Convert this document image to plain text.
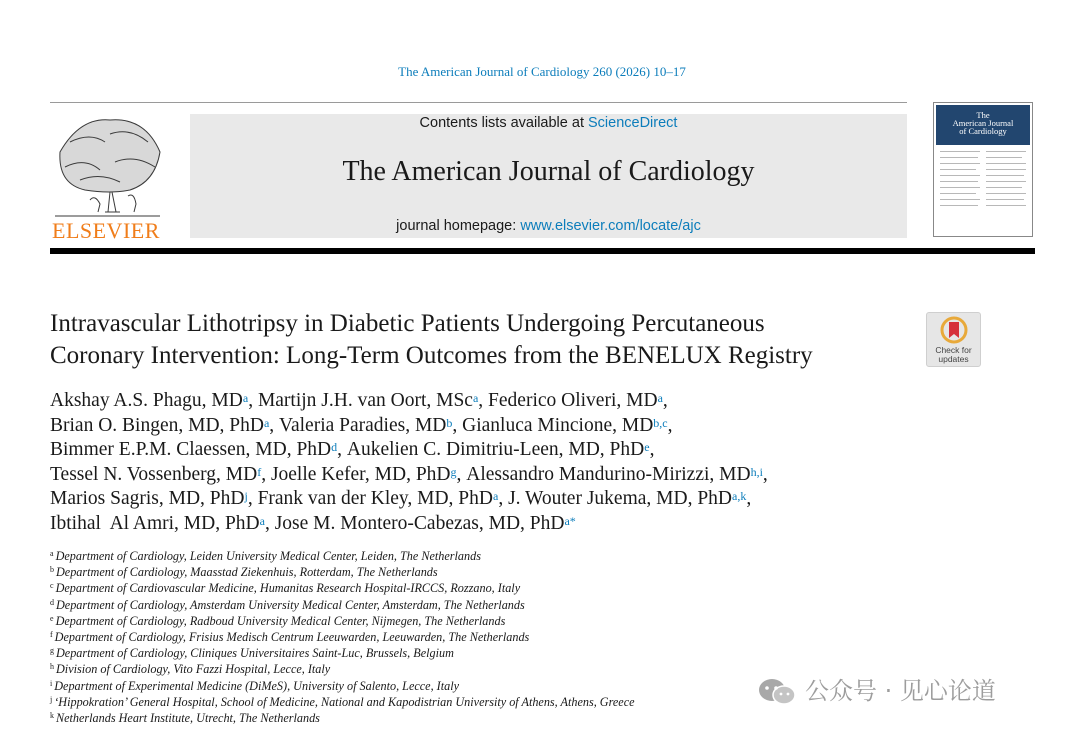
The American Journal of Cardiology 260 (2026) 10–17
ELSEVIER
Contents lists available at ScienceDirect
The American Journal of Cardiology
journal homepage: www.elsevier.com/locate/ajc
The
American Journal
of Cardiology
Intravascular Lithotripsy in Diabetic Patients Undergoing Percutaneous
Coronary Intervention: Long-Term Outcomes from the BENELUX Registry	Check for
updates
Akshay A.S. Phagu, $MD^a$, Martijn J.H. van Oort, MSc$^a$, Federico Oliveri, $MD^a$,
Brian O. Bingen, MD, PhD$^a$, Valeria Paradies, $MD^b$, Gianluca Mincione, MD$^{b,c}$,
Bimmer E.P.M. Claessen, MD, PhD$^d$, Aukelien C. Dimitriu-Leen, MD, PhD$^e$,
Tessel N. Vossenberg, $MD^f$, Joelle Kefer, MD, PhD$^g$, Alessandro Mandurino-Mirizzi, MD$^{h,i}$,
Marios Sagris, MD, PhD$^j$, Frank van der Kley, MD, PhD$^a$, J. Wouter Jukema, MD, PhD$^{a,k}$,
Ibtihal  Al Amri, MD, PhD$^a$, Jose M. Montero-Cabezas, MD, PhD$^{a*}$
$^a$ Department of Cardiology, Leiden University Medical Center, Leiden, The Netherlands
$^b$ Department of Cardiology, Maasstad Ziekenhuis, Rotterdam, The Netherlands
$^c$ Department of Cardiovascular Medicine, Humanitas Research Hospital-IRCCS, Rozzano, Italy
$^d$ Department of Cardiology, Amsterdam University Medical Center, Amsterdam, The Netherlands
$^e$ Department of Cardiology, Radboud University Medical Center, Nijmegen, The Netherlands
$^f$ Department of Cardiology, Frisius Medisch Centrum Leeuwarden, Leeuwarden, The Netherlands
$^g$ Department of Cardiology, Cliniques Universitaires Saint-Luc, Brussels, Belgium
$^h$ Division of Cardiology, Vito Fazzi Hospital, Lecce, Italy
$^i$ Department of Experimental Medicine (DiMeS), University of Salento, Lecce, Italy
$^j$ ‘Hippokration’ General Hospital, School of Medicine, National and Kapodistrian University of Athens, Athens, Greece
$^k$ Netherlands Heart Institute, Utrecht, The Netherlands
公众号 · 见心论道
